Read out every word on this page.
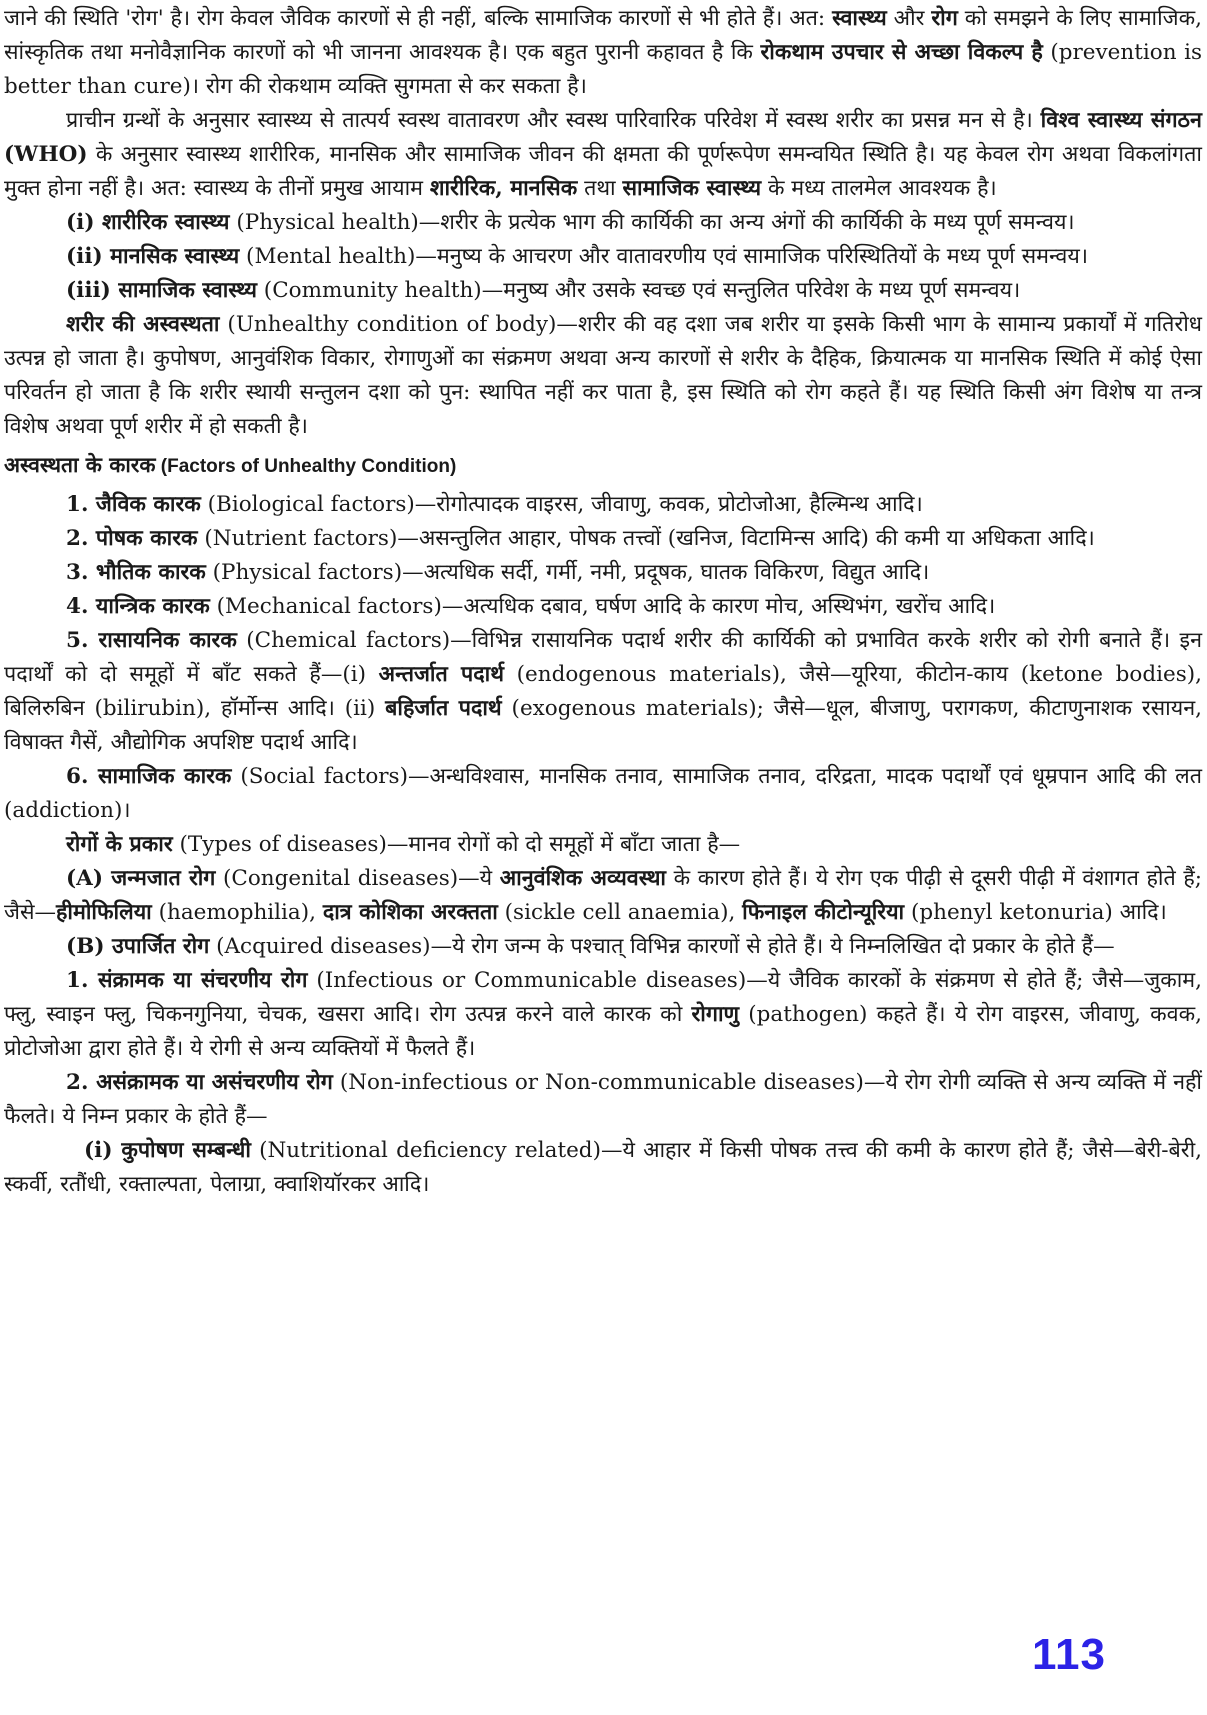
जाने की स्थिति 'रोग' है। रोग केवल जैविक कारणों से ही नहीं, बल्कि सामाजिक कारणों से भी होते हैं। अत: स्वास्थ्य और रोग को समझने के लिए सामाजिक, सांस्कृतिक तथा मनोवैज्ञानिक कारणों को भी जानना आवश्यक है। एक बहुत पुरानी कहावत है कि रोकथाम उपचार से अच्छा विकल्प है (prevention is better than cure)। रोग की रोकथाम व्यक्ति सुगमता से कर सकता है।

प्राचीन ग्रन्थों के अनुसार स्वास्थ्य से तात्पर्य स्वस्थ वातावरण और स्वस्थ पारिवारिक परिवेश में स्वस्थ शरीर का प्रसन्न मन से है। विश्व स्वास्थ्य संगठन (WHO) के अनुसार स्वास्थ्य शारीरिक, मानसिक और सामाजिक जीवन की क्षमता की पूर्णरूपेण समन्वयित स्थिति है। यह केवल रोग अथवा विकलांगता मुक्त होना नहीं है। अत: स्वास्थ्य के तीनों प्रमुख आयाम शारीरिक, मानसिक तथा सामाजिक स्वास्थ्य के मध्य तालमेल आवश्यक है।

(i) शारीरिक स्वास्थ्य (Physical health)—शरीर के प्रत्येक भाग की कार्यिकी का अन्य अंगों की कार्यिकी के मध्य पूर्ण समन्वय।

(ii) मानसिक स्वास्थ्य (Mental health)—मनुष्य के आचरण और वातावरणीय एवं सामाजिक परिस्थितियों के मध्य पूर्ण समन्वय।

(iii) सामाजिक स्वास्थ्य (Community health)—मनुष्य और उसके स्वच्छ एवं सन्तुलित परिवेश के मध्य पूर्ण समन्वय।

शरीर की अस्वस्थता (Unhealthy condition of body)—शरीर की वह दशा जब शरीर या इसके किसी भाग के सामान्य प्रकार्यों में गतिरोध उत्पन्न हो जाता है। कुपोषण, आनुवंशिक विकार, रोगाणुओं का संक्रमण अथवा अन्य कारणों से शरीर के दैहिक, क्रियात्मक या मानसिक स्थिति में कोई ऐसा परिवर्तन हो जाता है कि शरीर स्थायी सन्तुलन दशा को पुन: स्थापित नहीं कर पाता है, इस स्थिति को रोग कहते हैं। यह स्थिति किसी अंग विशेष या तन्त्र विशेष अथवा पूर्ण शरीर में हो सकती है।

अस्वस्थता के कारक (Factors of Unhealthy Condition)

1. जैविक कारक (Biological factors)—रोगोत्पादक वाइरस, जीवाणु, कवक, प्रोटोजोआ, हैल्मिन्थ आदि।

2. पोषक कारक (Nutrient factors)—असन्तुलित आहार, पोषक तत्त्वों (खनिज, विटामिन्स आदि) की कमी या अधिकता आदि।

3. भौतिक कारक (Physical factors)—अत्यधिक सर्दी, गर्मी, नमी, प्रदूषक, घातक विकिरण, विद्युत आदि।

4. यान्त्रिक कारक (Mechanical factors)—अत्यधिक दबाव, घर्षण आदि के कारण मोच, अस्थिभंग, खरोंच आदि।

5. रासायनिक कारक (Chemical factors)—विभिन्न रासायनिक पदार्थ शरीर की कार्यिकी को प्रभावित करके शरीर को रोगी बनाते हैं। इन पदार्थों को दो समूहों में बाँट सकते हैं—(i) अन्तर्जात पदार्थ (endogenous materials), जैसे—यूरिया, कीटोन-काय (ketone bodies), बिलिरुबिन (bilirubin), हॉर्मोन्स आदि। (ii) बहिर्जात पदार्थ (exogenous materials); जैसे—धूल, बीजाणु, परागकण, कीटाणुनाशक रसायन, विषाक्त गैसें, औद्योगिक अपशिष्ट पदार्थ आदि।

6. सामाजिक कारक (Social factors)—अन्धविश्वास, मानसिक तनाव, सामाजिक तनाव, दरिद्रता, मादक पदार्थों एवं धूम्रपान आदि की लत (addiction)।

रोगों के प्रकार (Types of diseases)—मानव रोगों को दो समूहों में बाँटा जाता है—

(A) जन्मजात रोग (Congenital diseases)—ये आनुवंशिक अव्यवस्था के कारण होते हैं। ये रोग एक पीढ़ी से दूसरी पीढ़ी में वंशागत होते हैं; जैसे—हीमोफिलिया (haemophilia), दात्र कोशिका अरक्तता (sickle cell anaemia), फिनाइल कीटोन्यूरिया (phenyl ketonuria) आदि।

(B) उपार्जित रोग (Acquired diseases)—ये रोग जन्म के पश्चात् विभिन्न कारणों से होते हैं। ये निम्नलिखित दो प्रकार के होते हैं—

1. संक्रामक या संचरणीय रोग (Infectious or Communicable diseases)—ये जैविक कारकों के संक्रमण से होते हैं; जैसे—जुकाम, फ्लु, स्वाइन फ्लु, चिकनगुनिया, चेचक, खसरा आदि। रोग उत्पन्न करने वाले कारक को रोगाणु (pathogen) कहते हैं। ये रोग वाइरस, जीवाणु, कवक, प्रोटोजोआ द्वारा होते हैं। ये रोगी से अन्य व्यक्तियों में फैलते हैं।

2. असंक्रामक या असंचरणीय रोग (Non-infectious or Non-communicable diseases)—ये रोग रोगी व्यक्ति से अन्य व्यक्ति में नहीं फैलते। ये निम्न प्रकार के होते हैं—

(i) कुपोषण सम्बन्धी (Nutritional deficiency related)—ये आहार में किसी पोषक तत्त्व की कमी के कारण होते हैं; जैसे—बेरी-बेरी, स्कर्वी, रतौंधी, रक्ताल्पता, पेलाग्रा, क्वाशियॉरकर आदि।

113
